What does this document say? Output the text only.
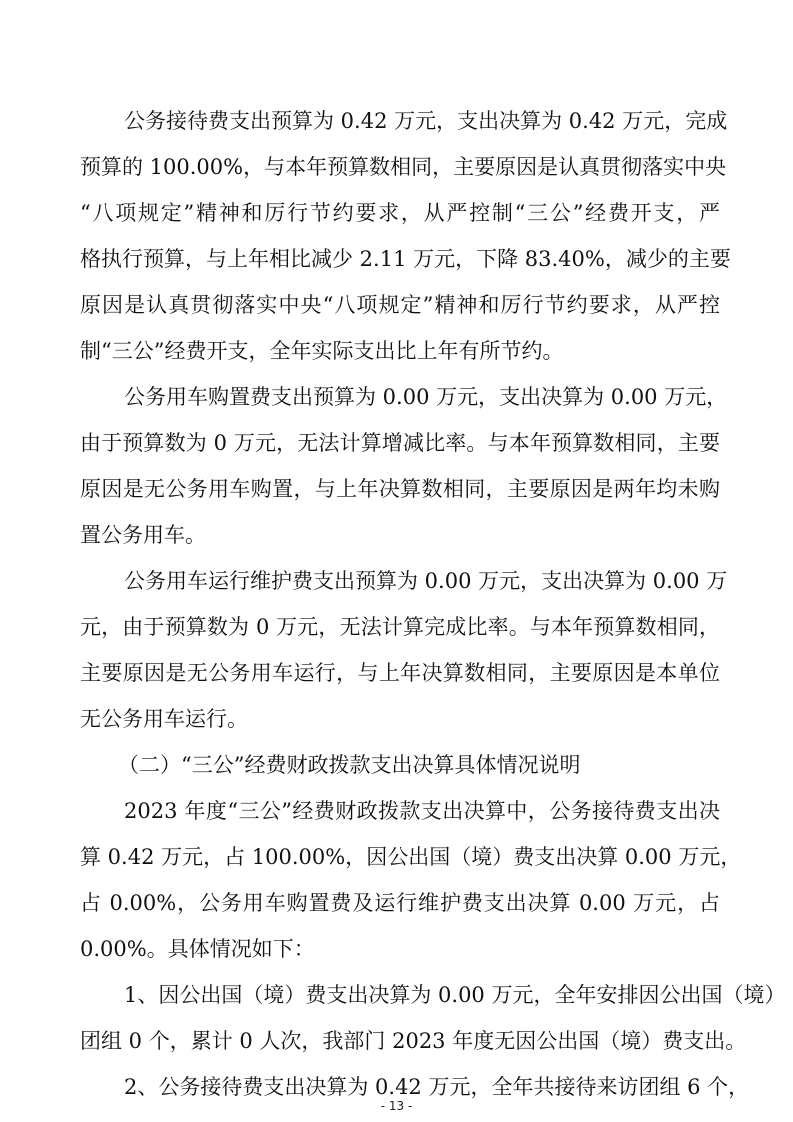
公务接待费支出预算为 0.42 万元，支出决算为 0.42 万元，完成
预算的 100.00%，与本年预算数相同，主要原因是认真贯彻落实中央
“八项规定”精神和厉行节约要求，从严控制“三公”经费开支，严
格执行预算，与上年相比减少 2.11 万元，下降 83.40%，减少的主要
原因是认真贯彻落实中央“八项规定”精神和厉行节约要求，从严控
制“三公”经费开支，全年实际支出比上年有所节约。
公务用车购置费支出预算为 0.00 万元，支出决算为 0.00 万元，
由于预算数为 0 万元，无法计算增减比率。与本年预算数相同，主要
原因是无公务用车购置，与上年决算数相同，主要原因是两年均未购
置公务用车。
公务用车运行维护费支出预算为 0.00 万元，支出决算为 0.00 万
元，由于预算数为 0 万元，无法计算完成比率。与本年预算数相同，
主要原因是无公务用车运行，与上年决算数相同，主要原因是本单位
无公务用车运行。
（二）“三公”经费财政拨款支出决算具体情况说明
2023 年度“三公”经费财政拨款支出决算中，公务接待费支出决
算 0.42 万元，占 100.00%，因公出国（境）费支出决算 0.00 万元，
占 0.00%，公务用车购置费及运行维护费支出决算 0.00 万元，占
0.00%。具体情况如下：
1、因公出国（境）费支出决算为 0.00 万元，全年安排因公出国（境）
团组 0 个，累计 0 人次，我部门 2023 年度无因公出国（境）费支出。
2、公务接待费支出决算为 0.42 万元，全年共接待来访团组 6 个，
- 13 -
